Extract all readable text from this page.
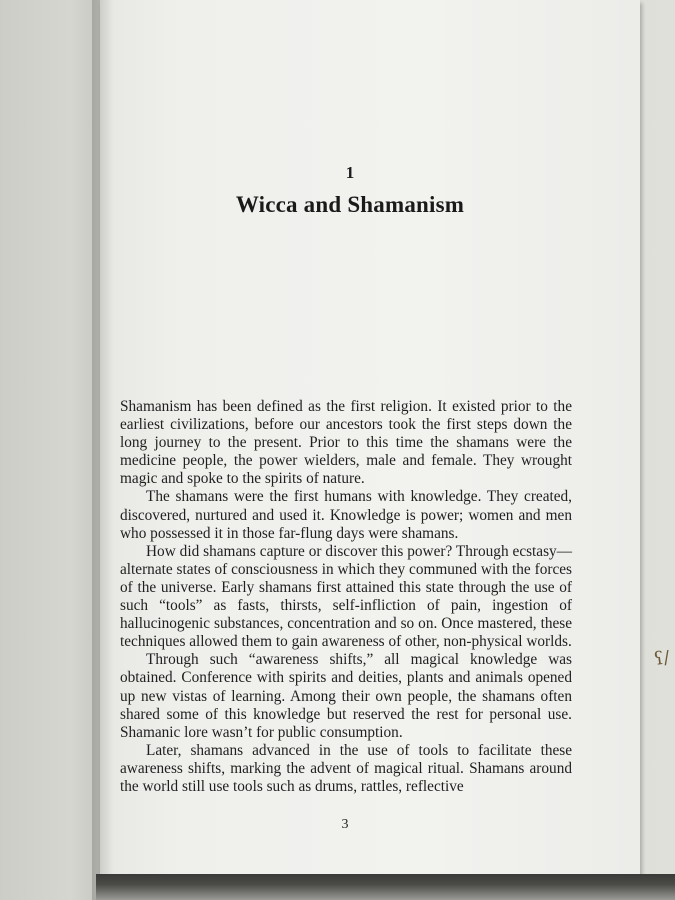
1
Wicca and Shamanism

Shamanism has been defined as the first religion. It existed prior to the earliest civilizations, before our ancestors took the first steps down the long journey to the present. Prior to this time the shamans were the medicine people, the power wielders, male and female. They wrought magic and spoke to the spirits of nature.

The shamans were the first humans with knowledge. They created, discovered, nurtured and used it. Knowledge is power; women and men who possessed it in those far-flung days were shamans.

How did shamans capture or discover this power? Through ecstasy—alternate states of consciousness in which they communed with the forces of the universe. Early shamans first attained this state through the use of such “tools” as fasts, thirsts, self-infliction of pain, ingestion of hallucinogenic substances, concentration and so on. Once mastered, these techniques allowed them to gain awareness of other, non-physical worlds.

Through such “awareness shifts,” all magical knowledge was obtained. Conference with spirits and deities, plants and animals opened up new vistas of learning. Among their own people, the shamans often shared some of this knowledge but reserved the rest for personal use. Shamanic lore wasn’t for public consumption.

Later, shamans advanced in the use of tools to facilitate these awareness shifts, marking the advent of magical ritual. Shamans around the world still use tools such as drums, rattles, reflective

3
ʕ/
